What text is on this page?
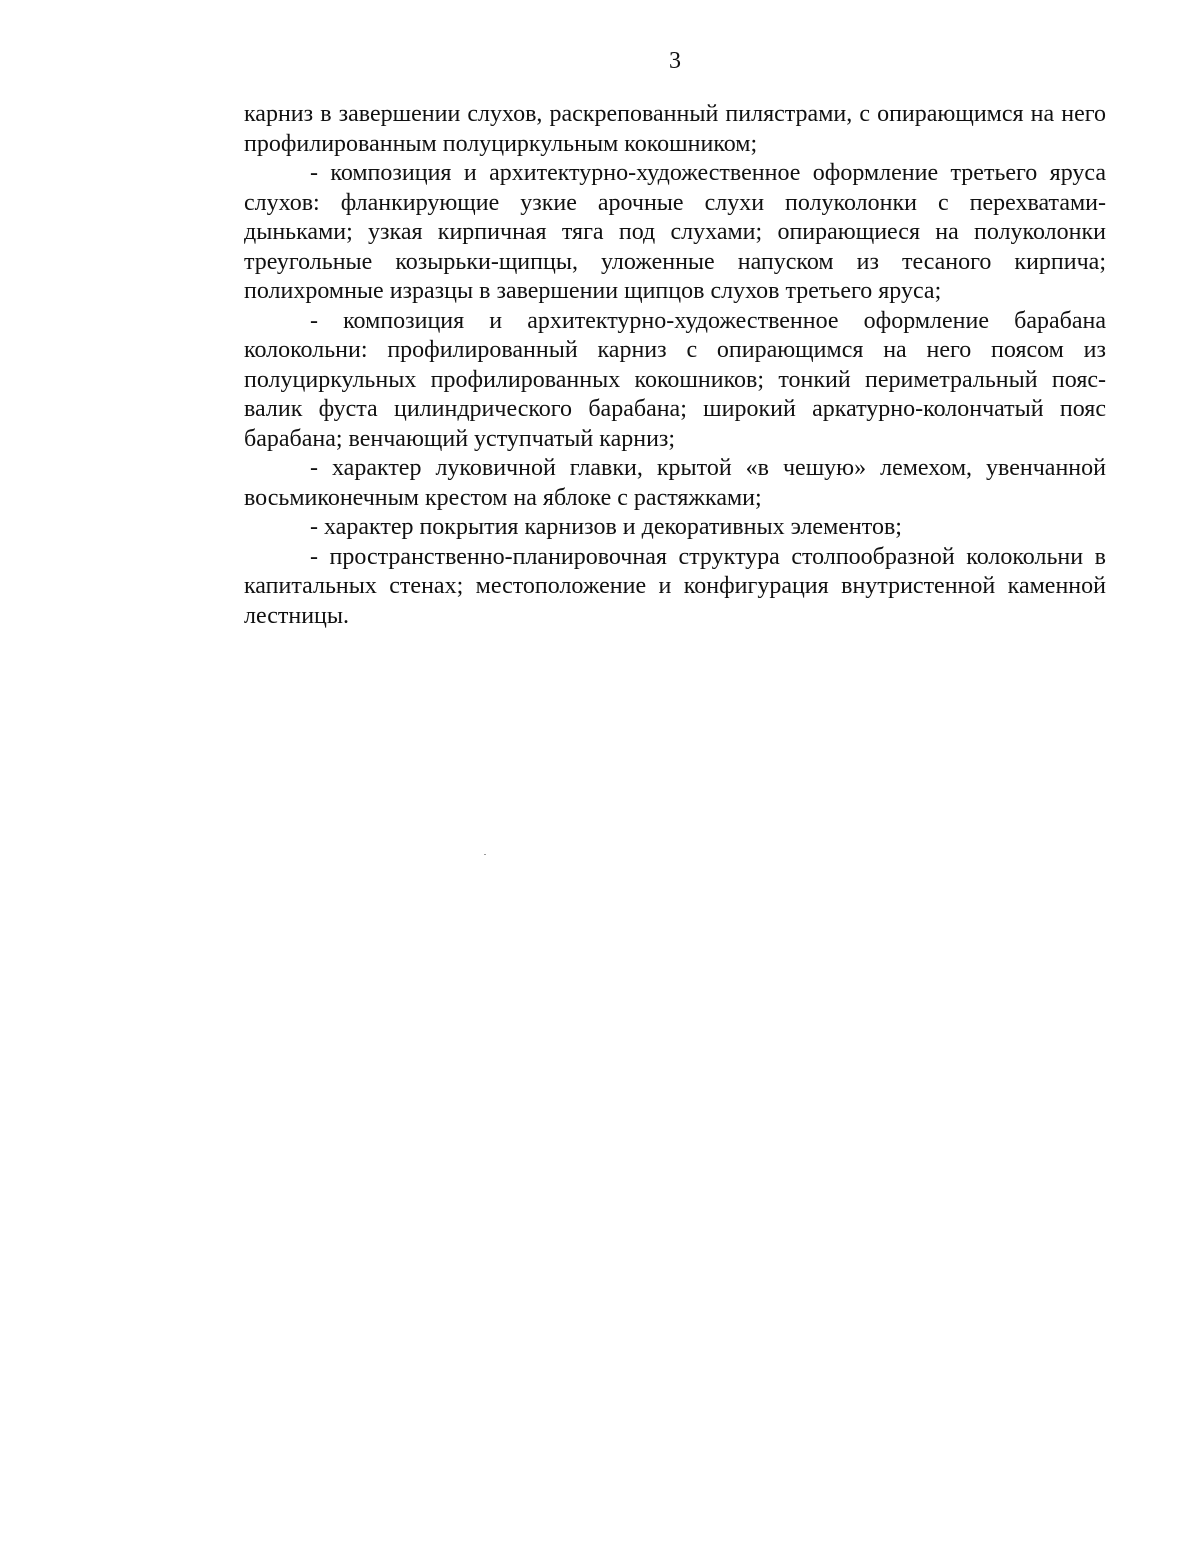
3

карниз в завершении слухов, раскрепованный пилястрами, с опирающимся на него профилированным полуциркульным кокошником;

- композиция и архитектурно-художественное оформление третьего яруса слухов: фланкирующие узкие арочные слухи полуколонки с перехватами-дыньками; узкая кирпичная тяга под слухами; опирающиеся на полуколонки треугольные козырьки-щипцы, уложенные напуском из тесаного кирпича; полихромные изразцы в завершении щипцов слухов третьего яруса;

- композиция и архитектурно-художественное оформление барабана колокольни: профилированный карниз с опирающимся на него поясом из полуциркульных профилированных кокошников; тонкий периметральный пояс-валик фуста цилиндрического барабана; широкий аркатурно-колончатый пояс барабана; венчающий уступчатый карниз;

- характер луковичной главки, крытой «в чешую» лемехом, увенчанной восьмиконечным крестом на яблоке с растяжками;

- характер покрытия карнизов и декоративных элементов;

- пространственно-планировочная структура столпообразной колокольни в капитальных стенах; местоположение и конфигурация внутристенной каменной лестницы.
